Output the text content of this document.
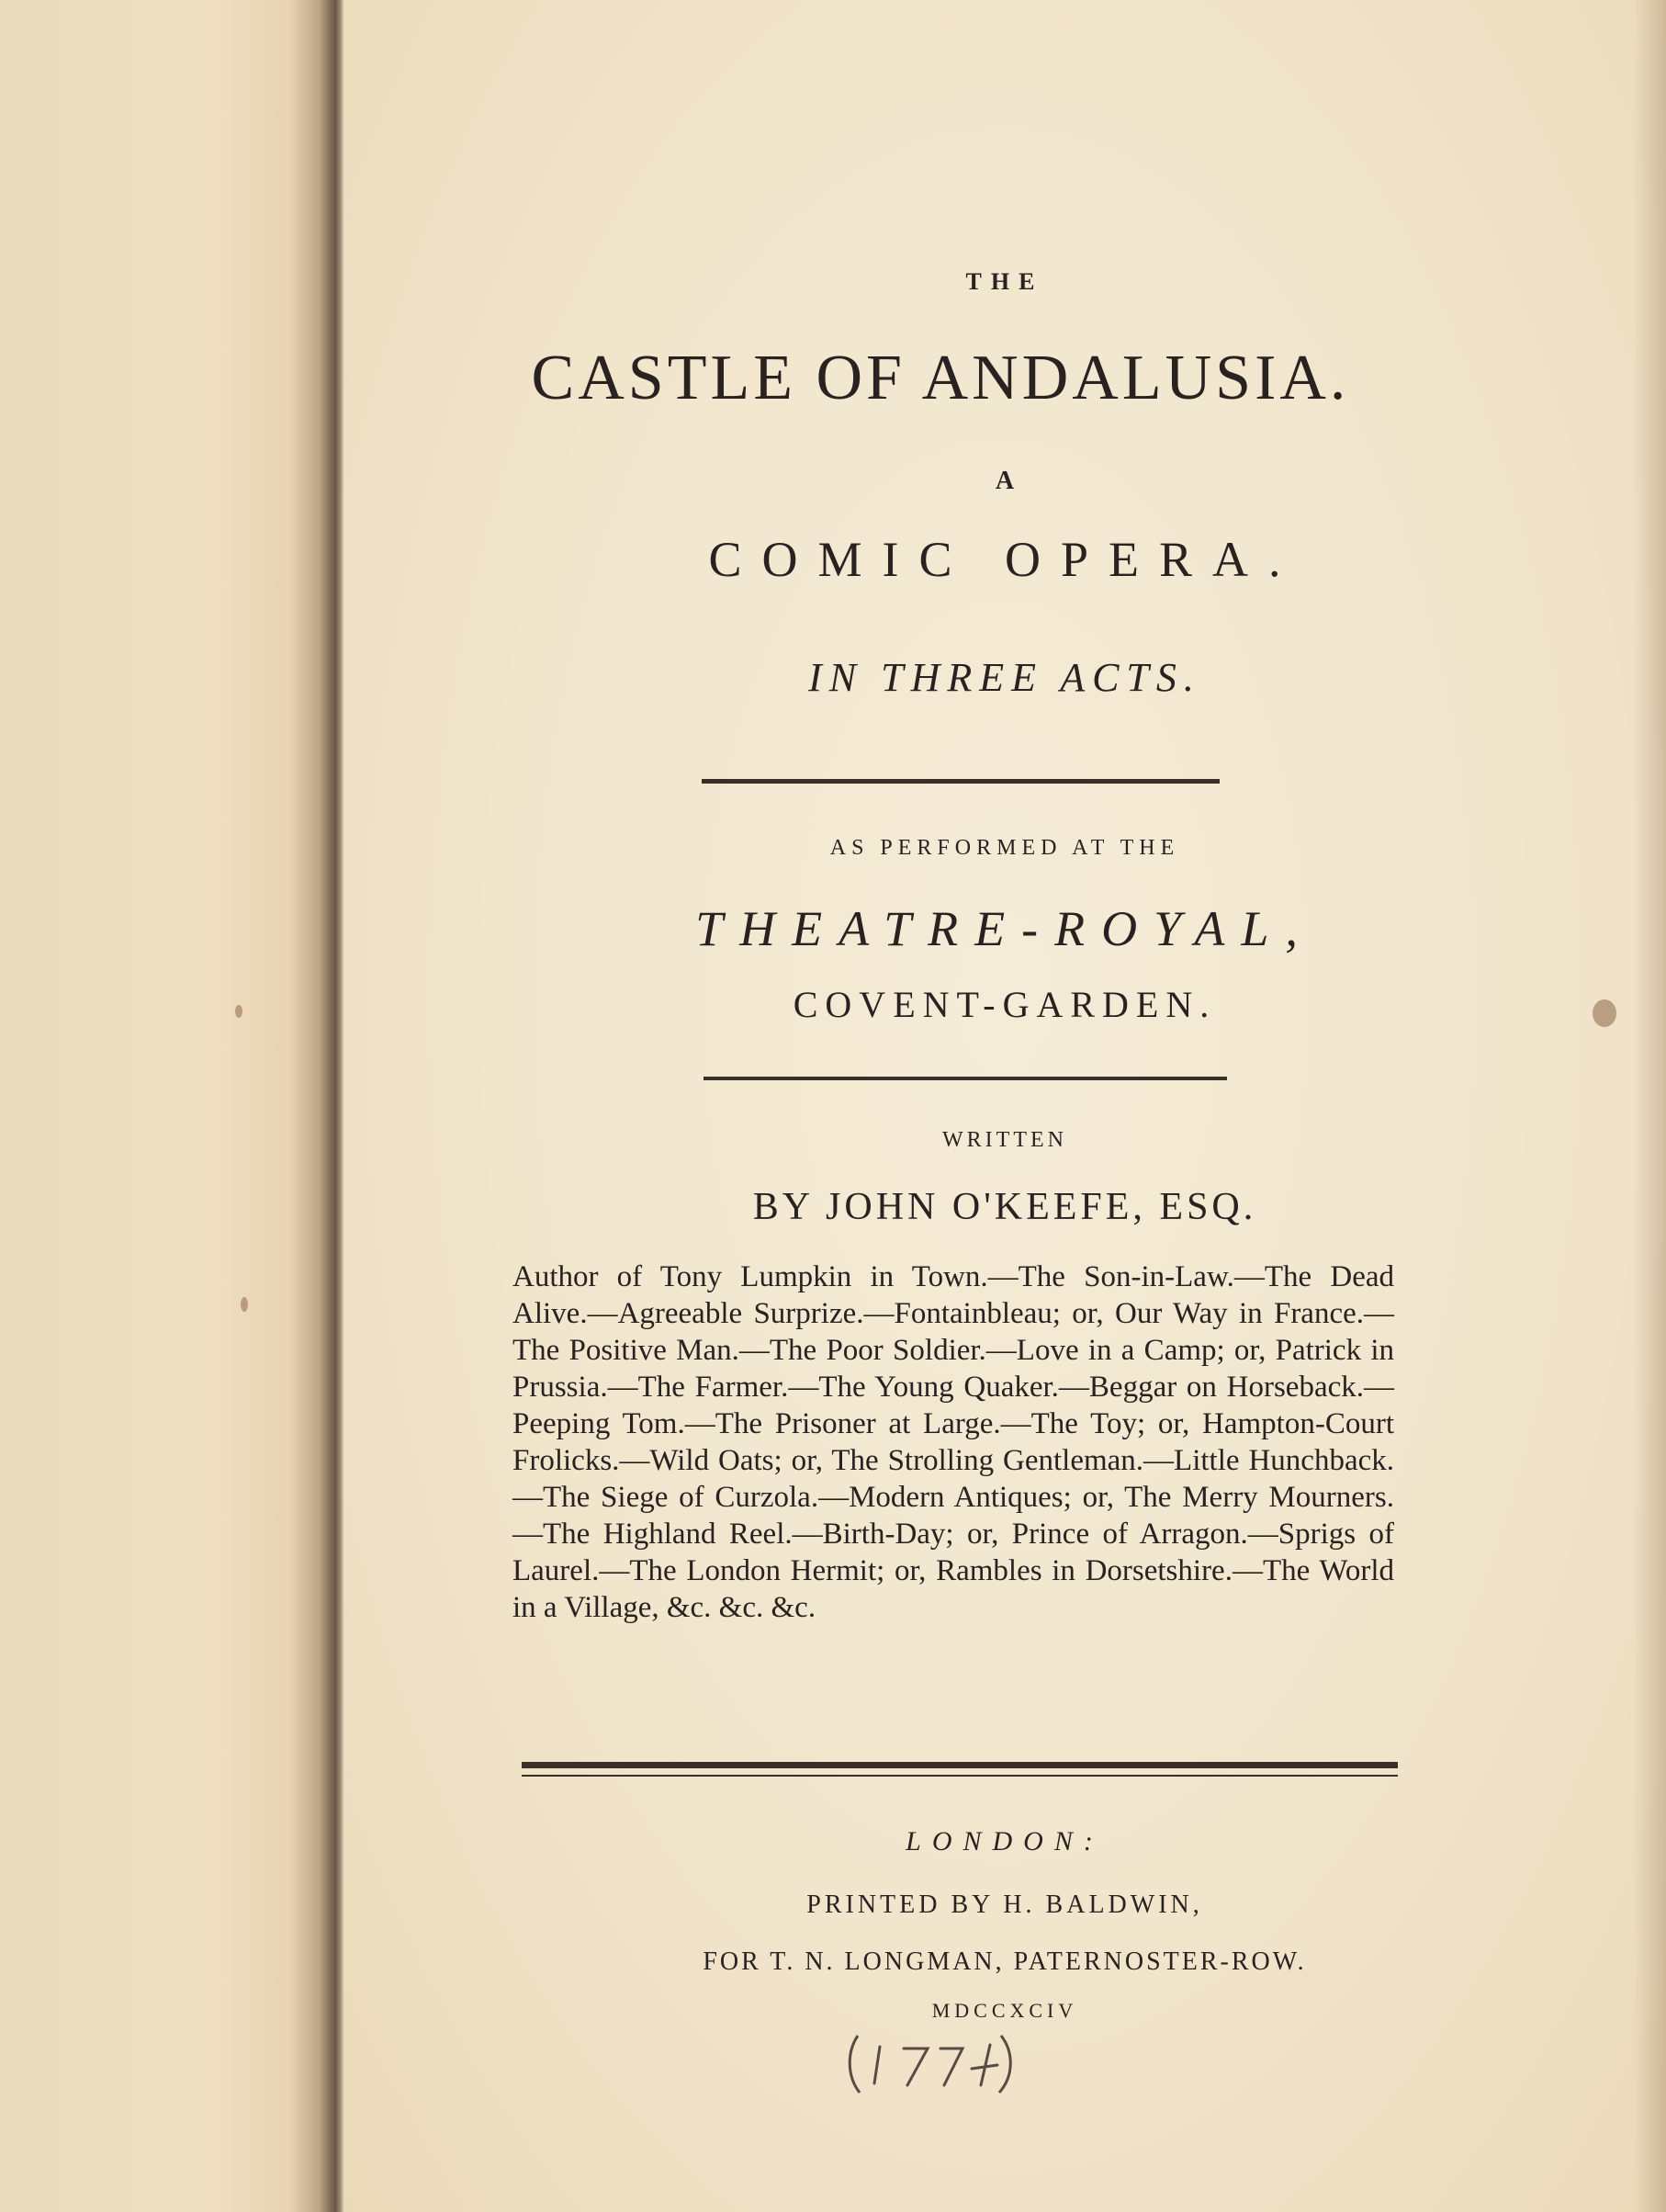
THE
CASTLE OF ANDALUSIA.
A
COMIC OPERA.
IN THREE ACTS.
AS PERFORMED AT THE
THEATRE-ROYAL,
COVENT-GARDEN.
WRITTEN
BY JOHN O'KEEFE, ESQ.
Author of Tony Lumpkin in Town.—The Son-in-Law.—The Dead Alive.—Agreeable Surprize.—Fontainbleau; or, Our Way in France.—The Positive Man.—The Poor Soldier.—Love in a Camp; or, Patrick in Prussia.—The Farmer.—The Young Quaker.—Beggar on Horseback.—Peeping Tom.—The Prisoner at Large.—The Toy; or, Hampton-Court Frolicks.—Wild Oats; or, The Strolling Gentleman.—Little Hunchback.—The Siege of Curzola.—Modern Antiques; or, The Merry Mourners.—The Highland Reel.—Birth-Day; or, Prince of Arragon.—Sprigs of Laurel.—The London Hermit; or, Rambles in Dorsetshire.—The World in a Village, &c. &c. &c.
LONDON:
PRINTED BY H. BALDWIN,
FOR T. N. LONGMAN, PATERNOSTER-ROW.
MDCCXCIV
